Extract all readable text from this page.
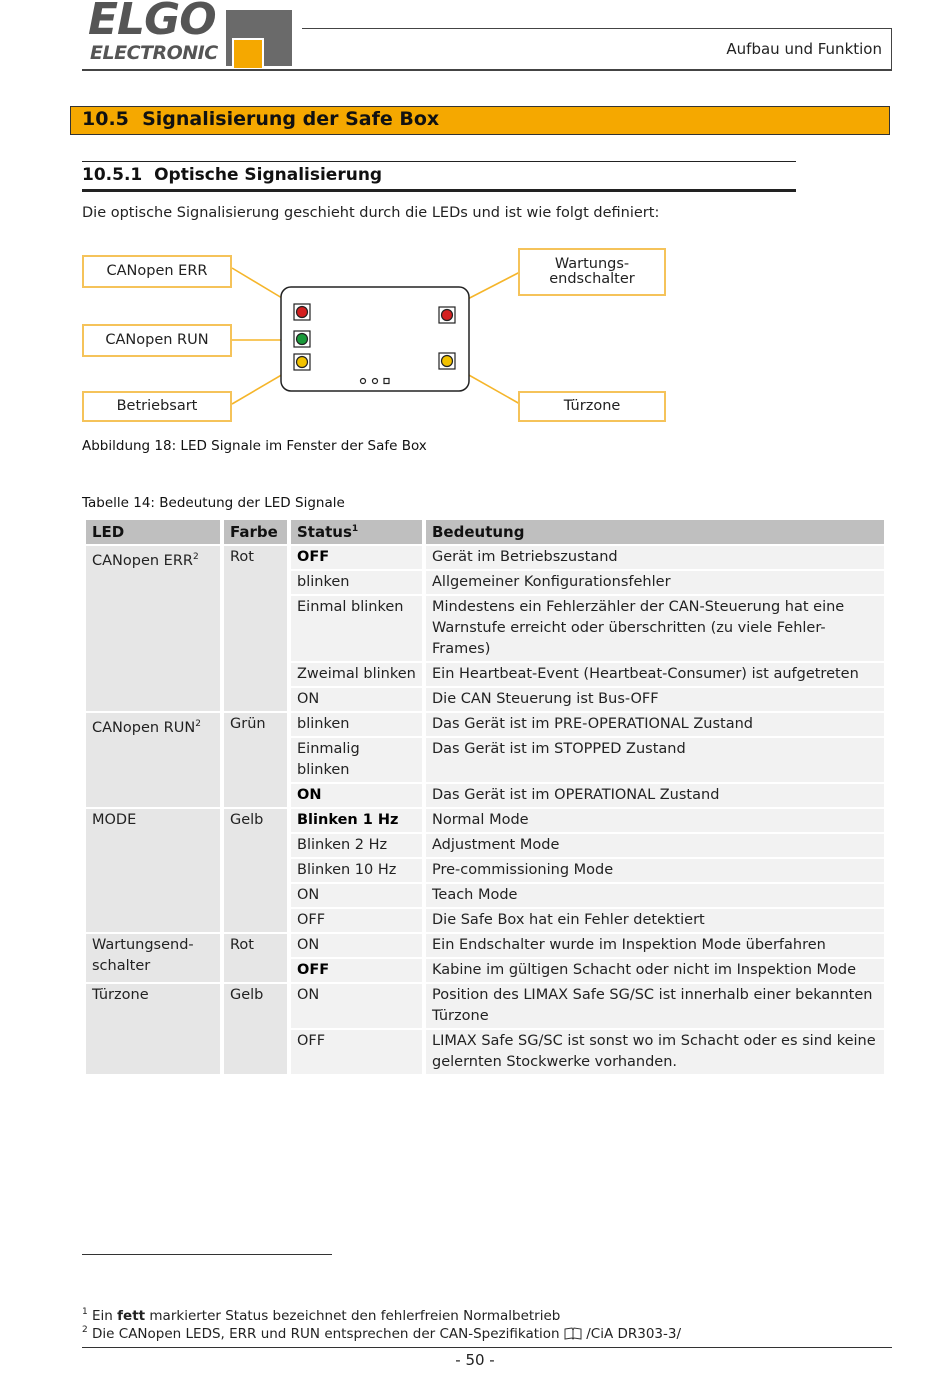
ELGO
ELECTRONIC	Aufbau und Funktion
10.5  Signalisierung der Safe Box
10.5.1  Optische Signalisierung
Die optische Signalisierung geschieht durch die LEDs und ist wie folgt definiert:
CANopen ERR
CANopen RUN
Betriebsart
Wartungs-
endschalter
Türzone
Abbildung 18: LED Signale im Fenster der Safe Box
Tabelle 14: Bedeutung der LED Signale
LED	Farbe	Status$^1$	Bedeutung
CANopen ERR$^2$	Rot	OFF	Gerät im Betriebszustand
		blinken	Allgemeiner Konfigurationsfehler
		Einmal blinken	Mindestens ein Fehlerzähler der CAN-Steuerung hat eine Warnstufe erreicht oder überschritten (zu viele Fehler-Frames)
		Zweimal blinken	Ein Heartbeat-Event (Heartbeat-Consumer) ist aufgetreten
		ON	Die CAN Steuerung ist Bus-OFF
CANopen RUN$^2$	Grün	blinken	Das Gerät ist im PRE-OPERATIONAL Zustand
		Einmalig blinken	Das Gerät ist im STOPPED Zustand
		ON	Das Gerät ist im OPERATIONAL Zustand
MODE	Gelb	Blinken 1 Hz	Normal Mode
		Blinken 2 Hz	Adjustment Mode
		Blinken 10 Hz	Pre-commissioning Mode
		ON	Teach Mode
		OFF	Die Safe Box hat ein Fehler detektiert
Wartungsend-schalter	Rot	ON	Ein Endschalter wurde im Inspektion Mode überfahren
		OFF	Kabine im gültigen Schacht oder nicht im Inspektion Mode
Türzone	Gelb	ON	Position des LIMAX Safe SG/SC ist innerhalb einer bekannten Türzone
		OFF	LIMAX Safe SG/SC ist sonst wo im Schacht oder es sind keine gelernten Stockwerke vorhanden.
$^1$ Ein fett markierter Status bezeichnet den fehlerfreien Normalbetrieb
$^2$ Die CANopen LEDS, ERR und RUN entsprechen der CAN-Spezifikation /CiA DR303-3/
- 50 -
